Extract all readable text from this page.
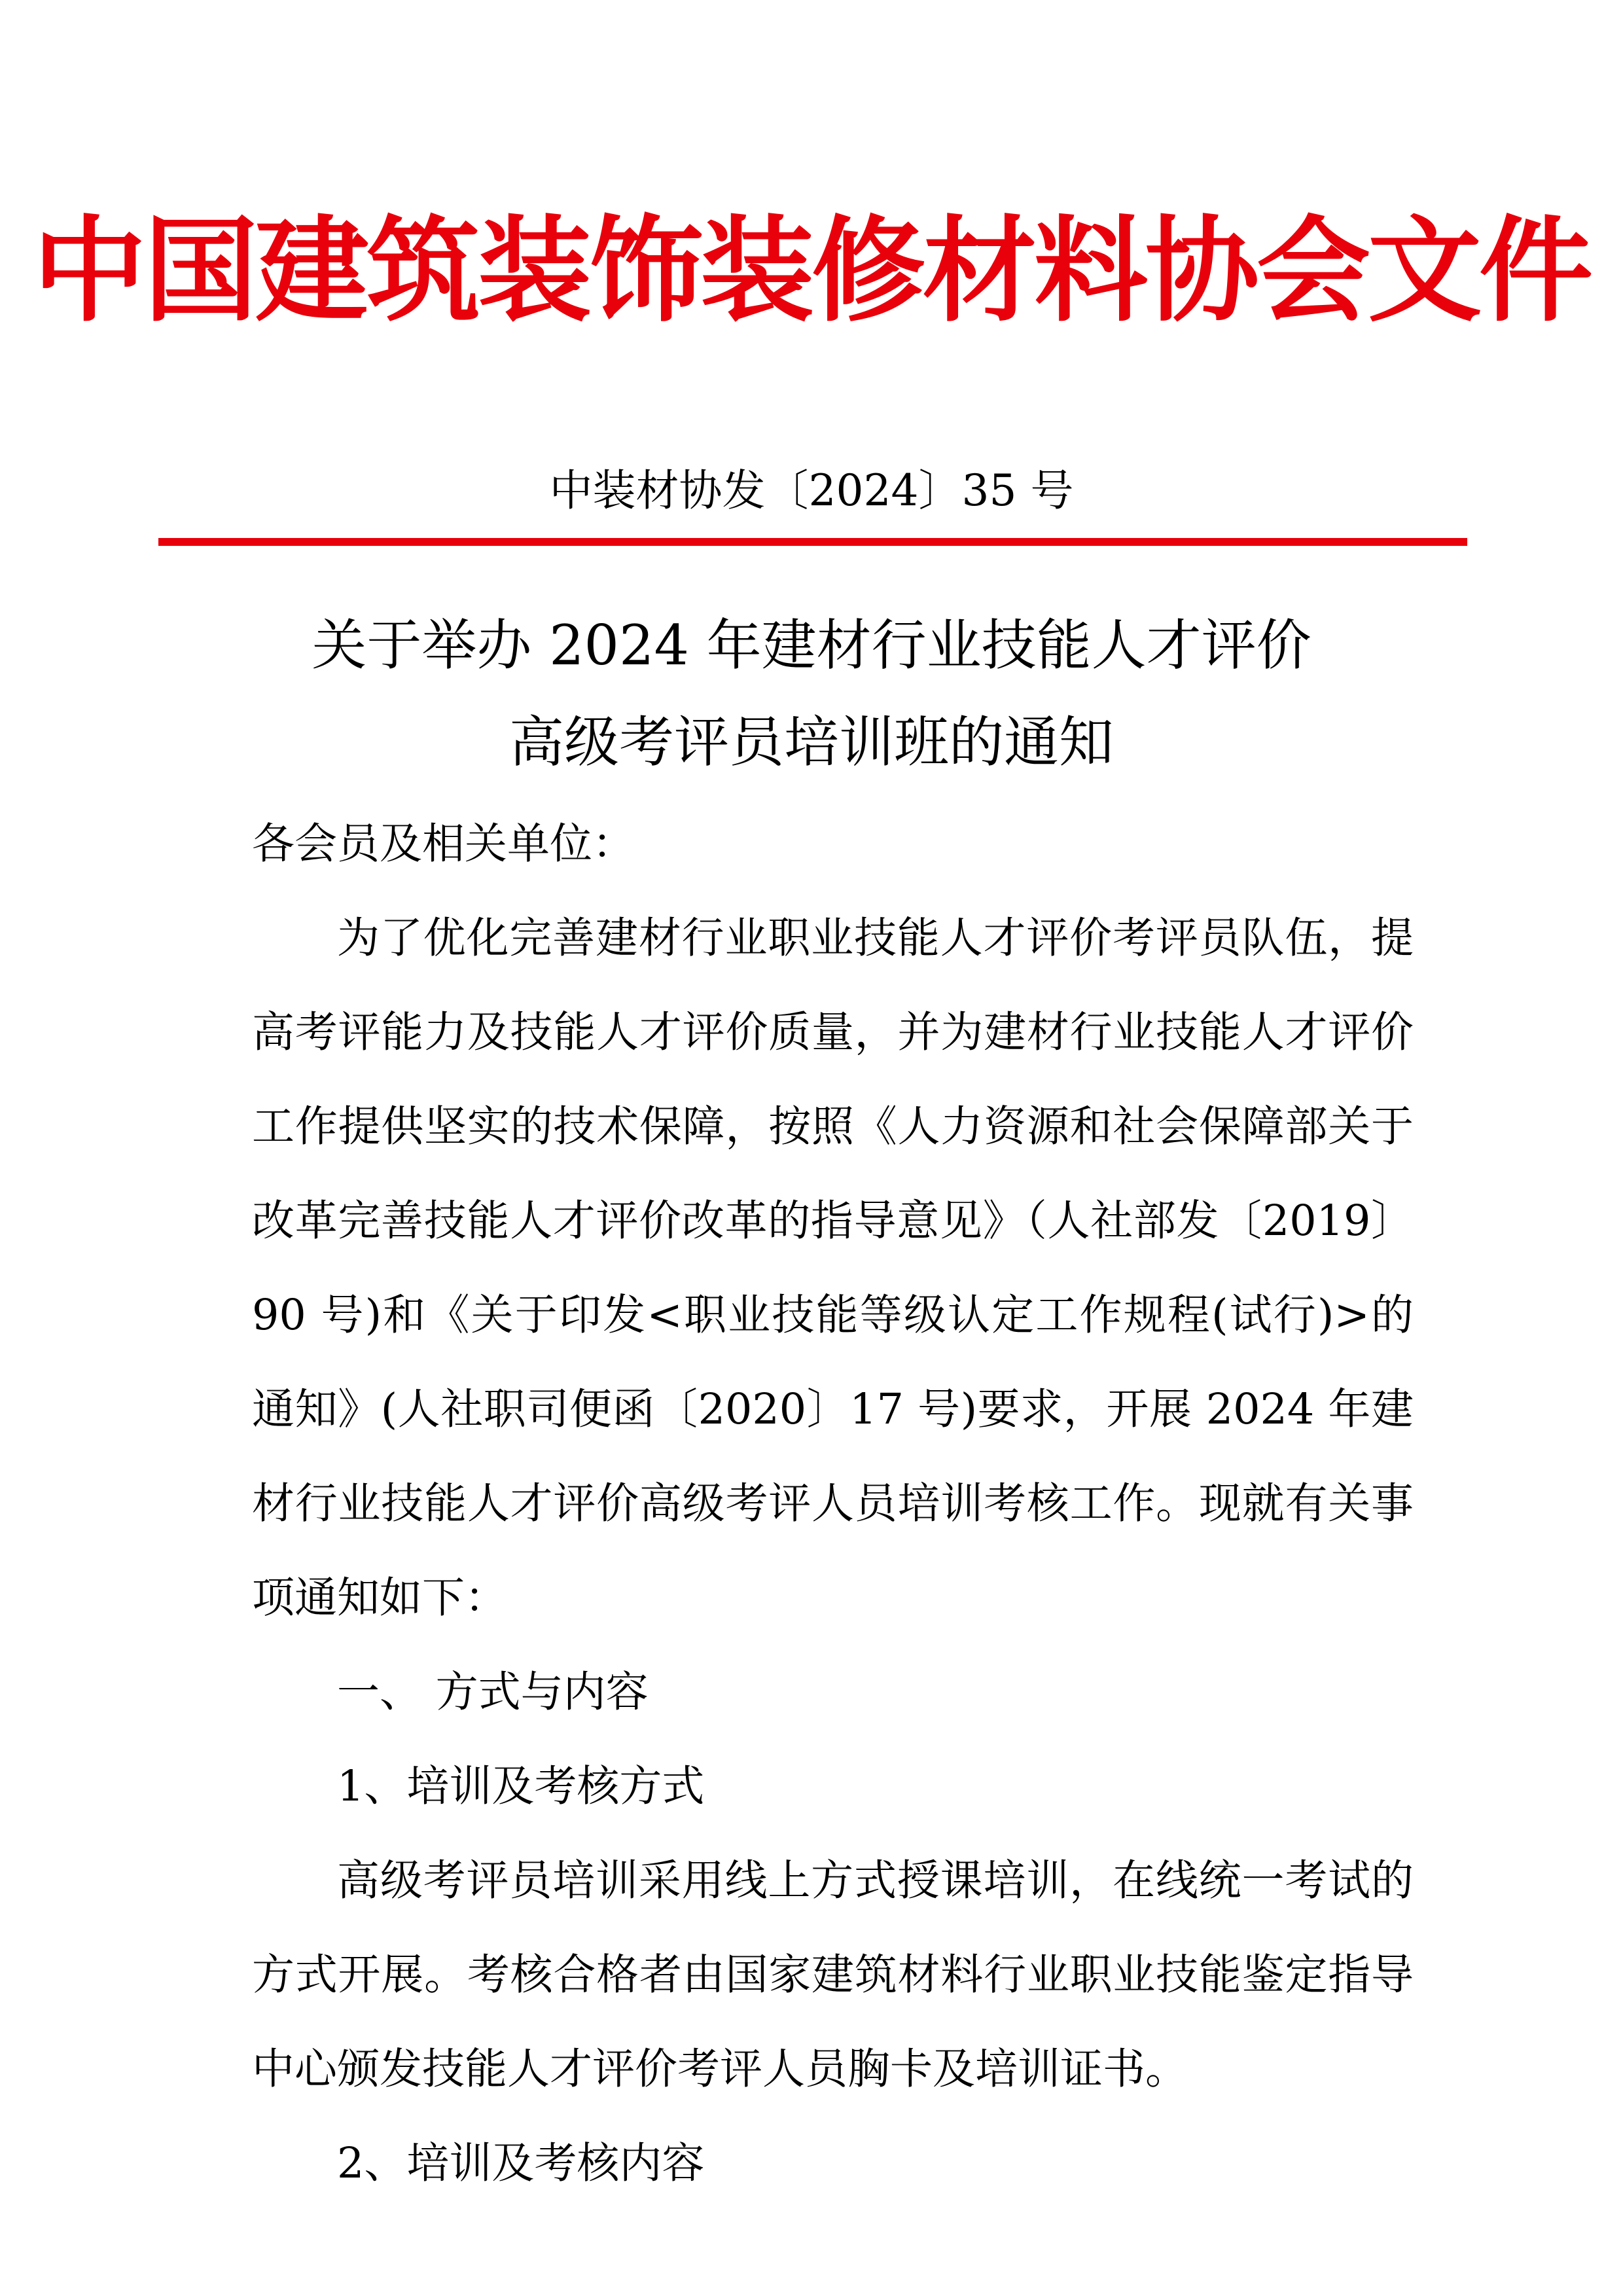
中国建筑装饰装修材料协会文件
中装材协发〔2024〕35 号
关于举办 2024 年建材行业技能人才评价
高级考评员培训班的通知

各会员及相关单位：

为了优化完善建材行业职业技能人才评价考评员队伍，提高考评能力及技能人才评价质量，并为建材行业技能人才评价工作提供坚实的技术保障，按照《人力资源和社会保障部关于改革完善技能人才评价改革的指导意见》（人社部发〔2019〕90 号)和《关于印发<职业技能等级认定工作规程(试行)>的通知》(人社职司便函〔2020〕17 号)要求，开展 2024 年建材行业技能人才评价高级考评人员培训考核工作。现就有关事项通知如下：

一、 方式与内容

1、培训及考核方式

高级考评员培训采用线上方式授课培训，在线统一考试的方式开展。考核合格者由国家建筑材料行业职业技能鉴定指导中心颁发技能人才评价考评人员胸卡及培训证书。

2、培训及考核内容
